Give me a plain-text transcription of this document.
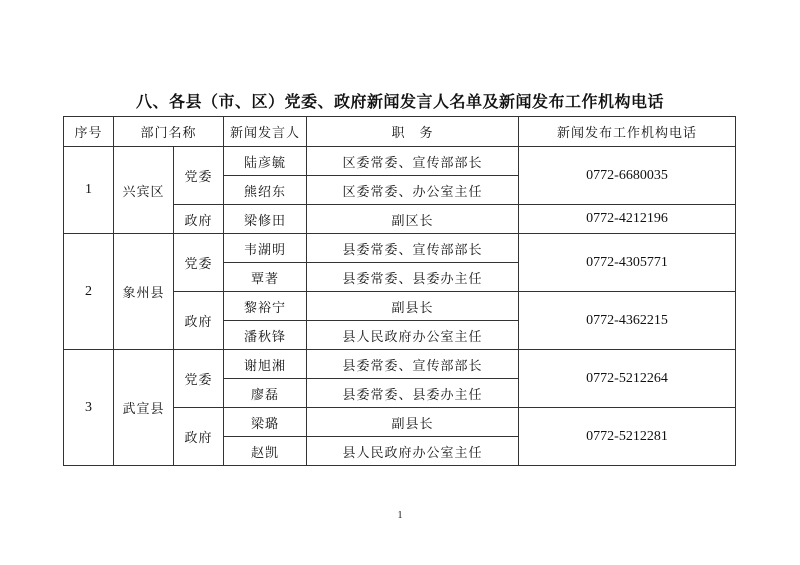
八、各县（市、区）党委、政府新闻发言人名单及新闻发布工作机构电话
序号	部门名称		新闻发言人	职　务	新闻发布工作机构电话
1	兴宾区	党委	陆彦毓	区委常委、宣传部部长	0772-6680035
			熊绍东	区委常委、办公室主任	
		政府	梁修田	副区长	0772-4212196
2	象州县	党委	韦湖明	县委常委、宣传部部长	0772-4305771
			覃著	县委常委、县委办主任	
		政府	黎裕宁	副县长	0772-4362215
			潘秋锋	县人民政府办公室主任	
3	武宣县	党委	谢旭湘	县委常委、宣传部部长	0772-5212264
			廖磊	县委常委、县委办主任	
		政府	梁璐	副县长	0772-5212281
			赵凯	县人民政府办公室主任	
1
